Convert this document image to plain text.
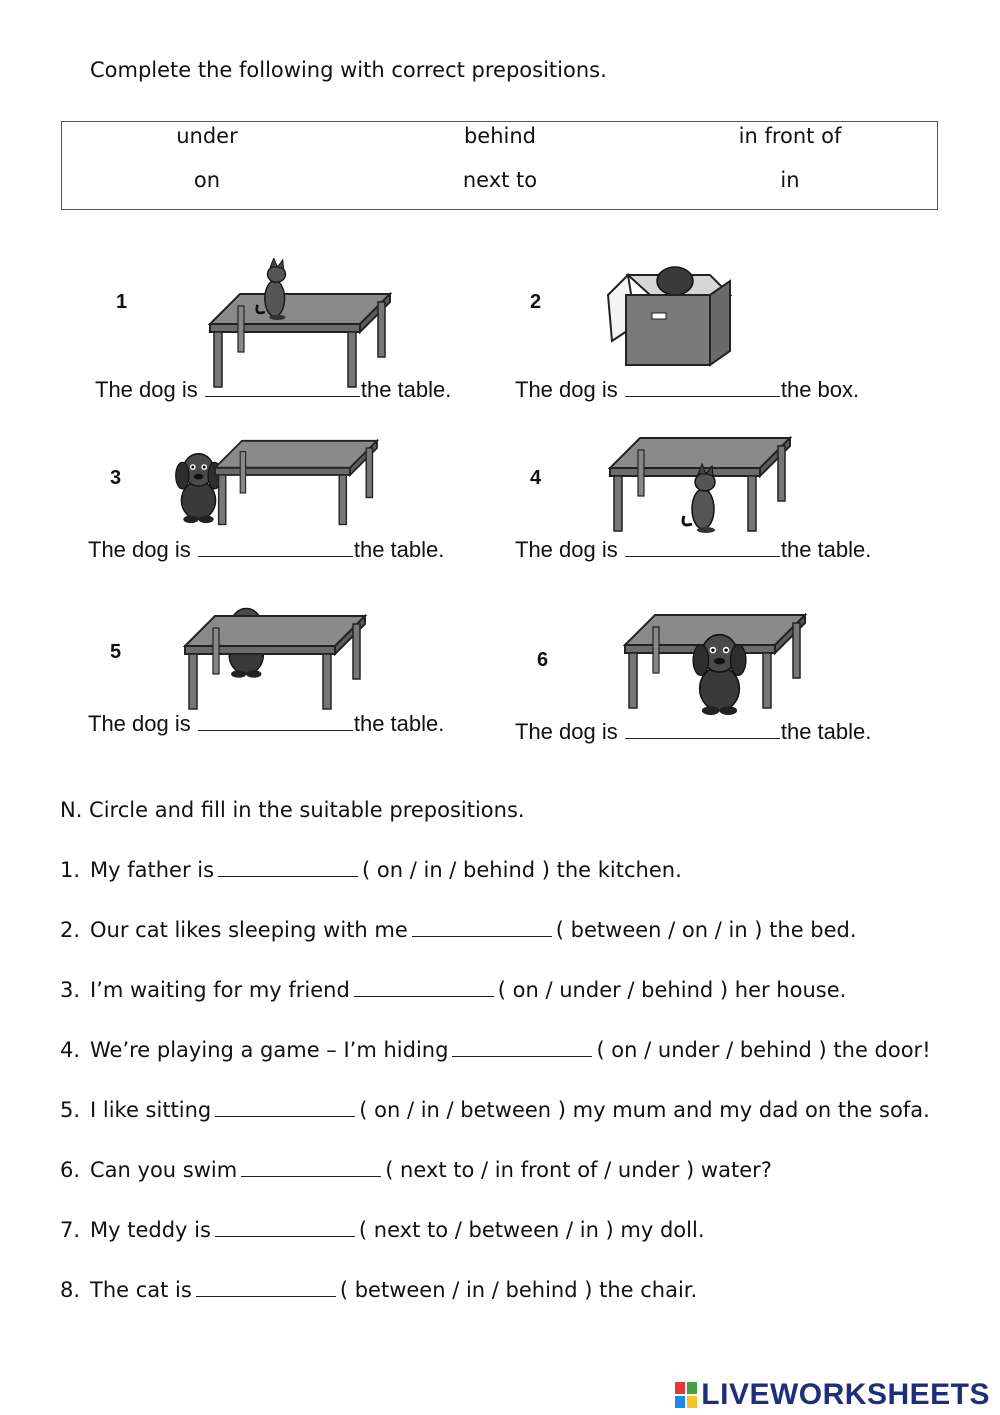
Complete the following with correct prepositions.
under	behind	in front of
on	next to	in
1
The dog is	the table.
2
The dog is	the box.
3
The dog is	the table.
4
The dog is	the table.
5
The dog is	the table.
6
The dog is	the table.
N. Circle and fill in the suitable prepositions.
1. My father is	( on / in / behind ) the kitchen.
2. Our cat likes sleeping with me	( between / on / in ) the bed.
3. I’m waiting for my friend	( on / under / behind ) her house.
4. We’re playing a game – I’m hiding	( on / under / behind ) the door!
5. I like sitting	( on / in / between ) my mum and my dad on the sofa.
6. Can you swim	( next to / in front of / under ) water?
7. My teddy is	( next to / between / in ) my doll.
8. The cat is	( between / in / behind ) the chair.
LIVEWORKSHEETS
